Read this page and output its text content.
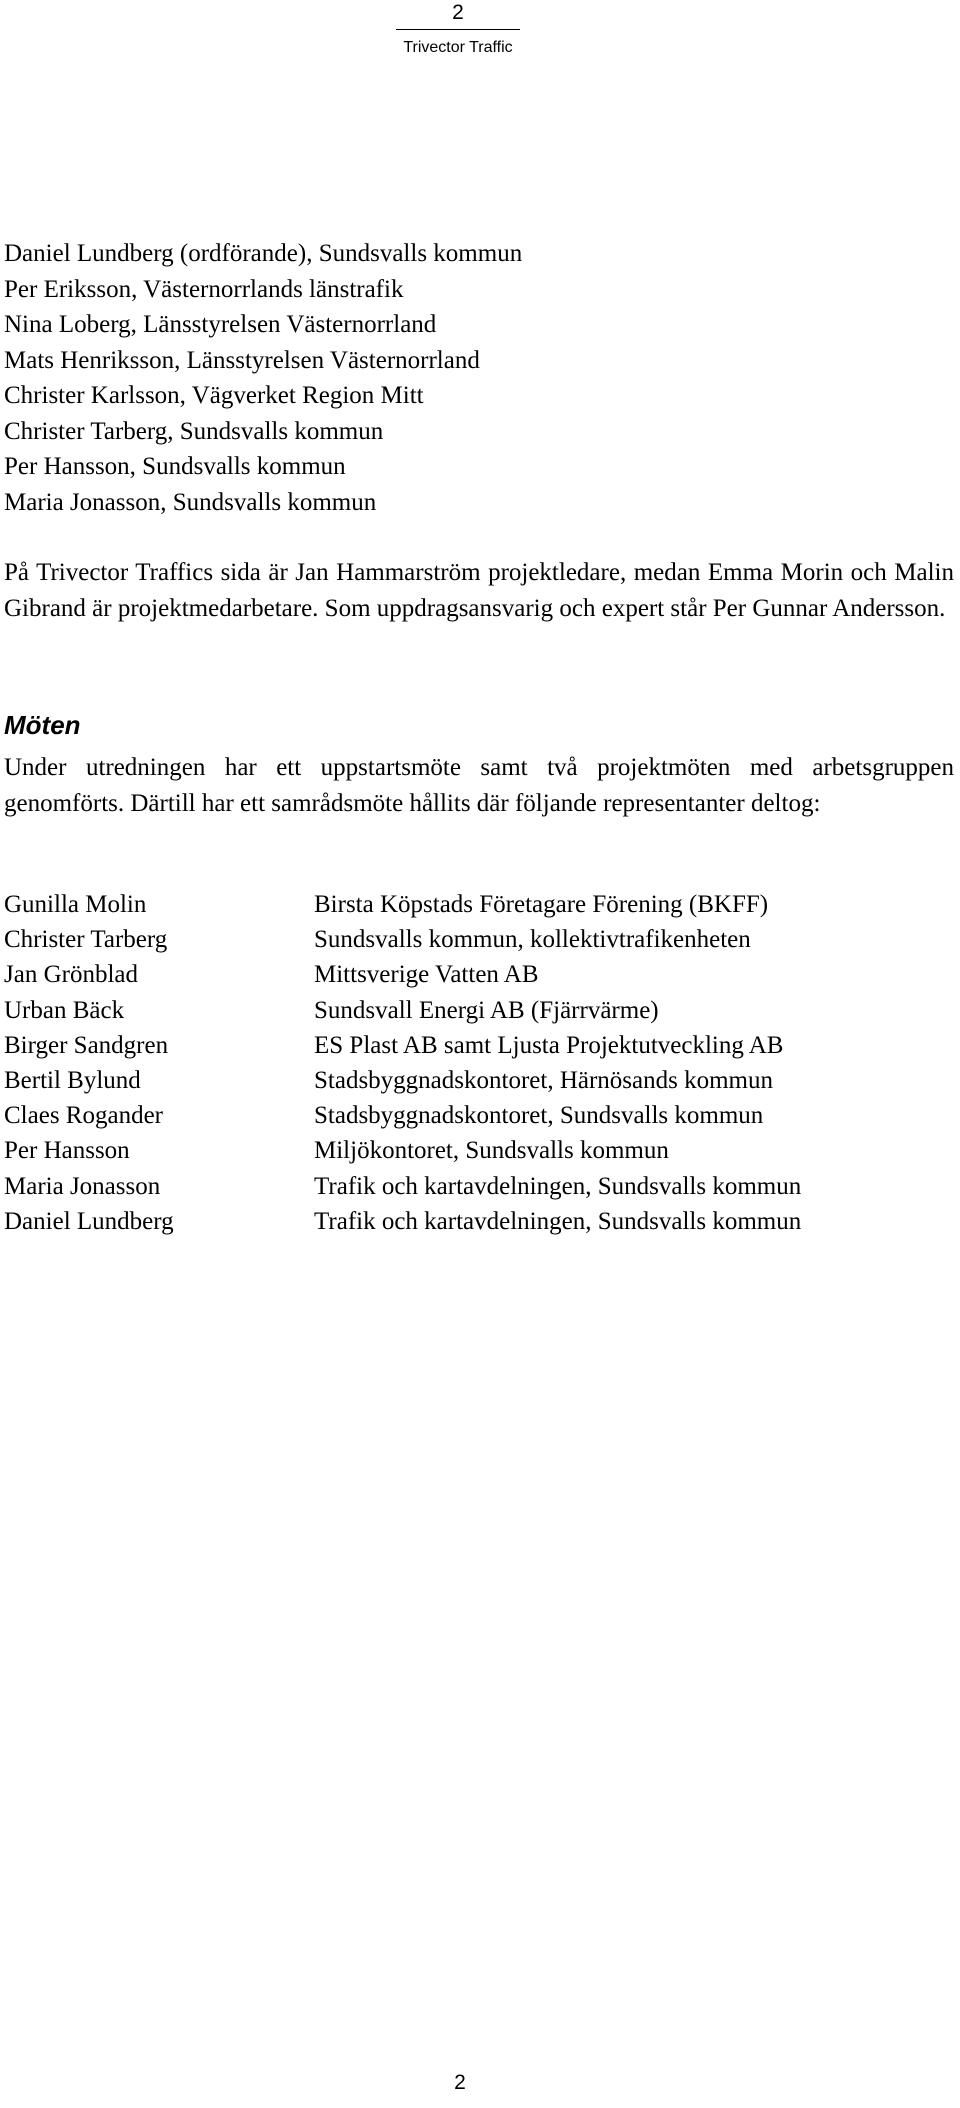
2
Trivector Traffic
Daniel Lundberg (ordförande), Sundsvalls kommun
Per Eriksson, Västernorrlands länstrafik
Nina Loberg, Länsstyrelsen Västernorrland
Mats Henriksson, Länsstyrelsen Västernorrland
Christer Karlsson, Vägverket Region Mitt
Christer Tarberg, Sundsvalls kommun
Per Hansson, Sundsvalls kommun
Maria Jonasson, Sundsvalls kommun

På Trivector Traffics sida är Jan Hammarström projektledare, medan Emma Morin och Malin Gibrand är projektmedarbetare. Som uppdragsansvarig och expert står Per Gunnar Andersson.

Möten

Under utredningen har ett uppstartsmöte samt två projektmöten med arbetsgruppen genomförts. Därtill har ett samrådsmöte hållits där följande representanter deltog:

Gunilla Molin	Birsta Köpstads Företagare Förening (BKFF)
Christer Tarberg	Sundsvalls kommun, kollektivtrafikenheten
Jan Grönblad	Mittsverige Vatten AB
Urban Bäck	Sundsvall Energi AB (Fjärrvärme)
Birger Sandgren	ES Plast AB samt Ljusta Projektutveckling AB
Bertil Bylund	Stadsbyggnadskontoret, Härnösands kommun
Claes Rogander	Stadsbyggnadskontoret, Sundsvalls kommun
Per Hansson	Miljökontoret, Sundsvalls kommun
Maria Jonasson	Trafik och kartavdelningen, Sundsvalls kommun
Daniel Lundberg	Trafik och kartavdelningen, Sundsvalls kommun
2
